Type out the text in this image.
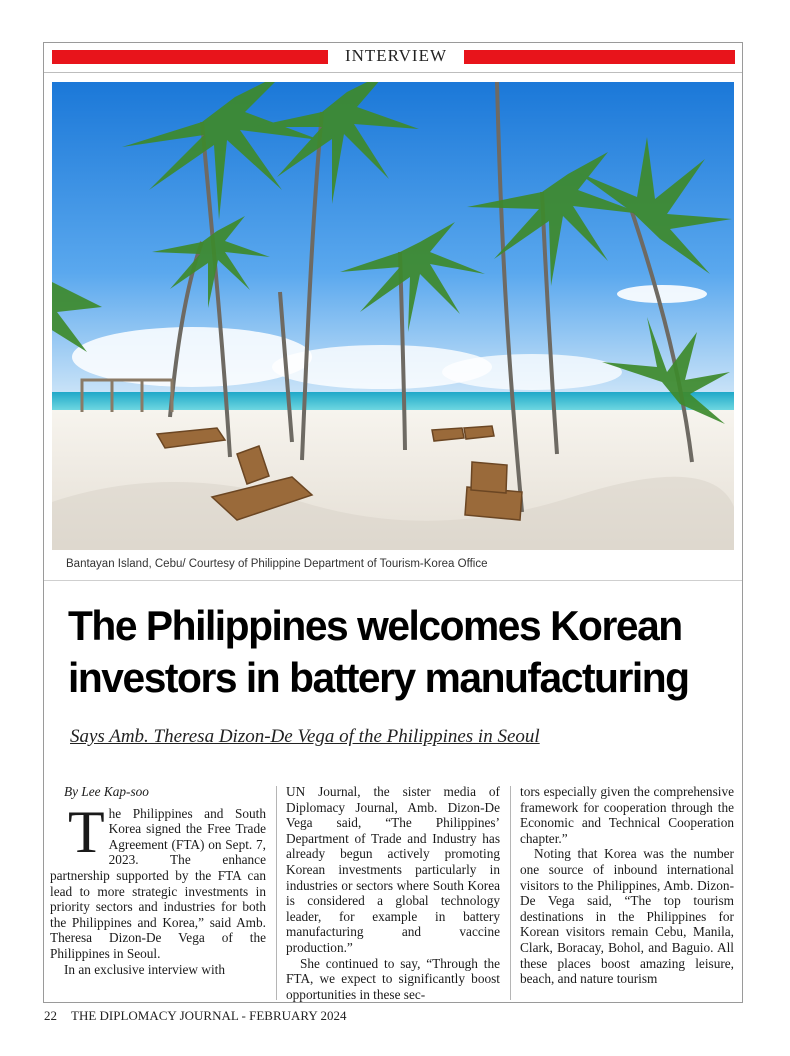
INTERVIEW
Bantayan Island, Cebu/ Courtesy of Philippine Department of Tourism-Korea Office
The Philippines welcomes Korean
investors in battery manufacturing
Says Amb. Theresa Dizon-De Vega of the Philippines in Seoul

By Lee Kap-soo

The Philippines and South Korea signed the Free Trade Agreement (FTA) on Sept. 7, 2023. The enhance partnership supported by the FTA can lead to more strategic investments in priority sectors and industries for both the Philippines and Korea,” said Amb. Theresa Dizon-De Vega of the Philippines in Seoul.

In an exclusive interview with

UN Journal, the sister media of Diplomacy Journal, Amb. Dizon-De Vega said, “The Philippines’ Department of Trade and Industry has already begun actively promoting Korean investments particularly in industries or sectors where South Korea is considered a global technology leader, for example in battery manufacturing and vaccine production.”

She continued to say, “Through the FTA, we expect to significantly boost opportunities in these sec-

tors especially given the comprehensive framework for cooperation through the Economic and Technical Cooperation chapter.”

Noting that Korea was the number one source of inbound international visitors to the Philippines, Amb. Dizon-De Vega said, “The top tourism destinations in the Philippines for Korean visitors remain Cebu, Manila, Clark, Boracay, Bohol, and Baguio. All these places boost amazing leisure, beach, and nature tourism

22 THE DIPLOMACY JOURNAL - FEBRUARY 2024
